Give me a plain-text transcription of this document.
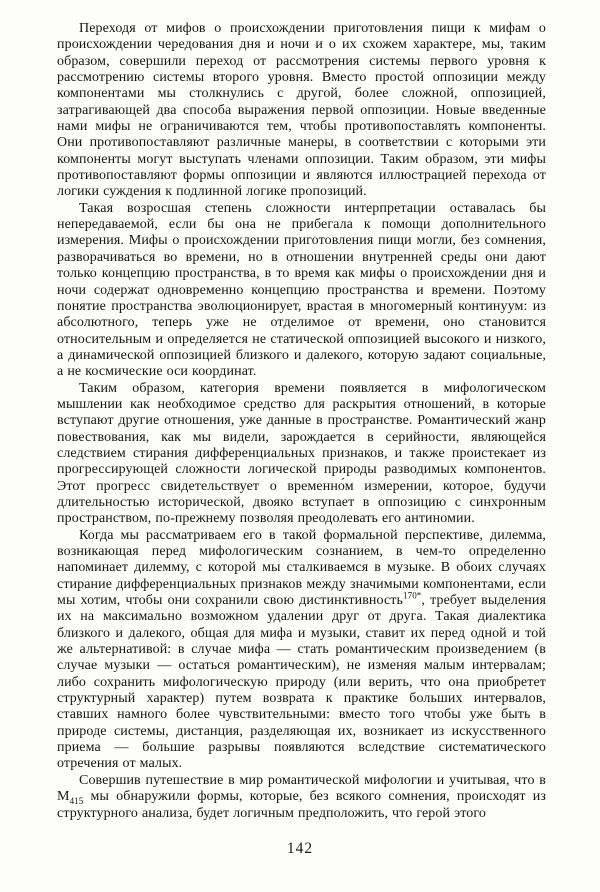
Переходя от мифов о происхождении приготовления пищи к мифам о происхождении чередования дня и ночи и о их схожем характере, мы, таким образом, совершили переход от рассмотрения системы первого уровня к рассмотрению системы второго уровня. Вместо простой оппозиции между компонентами мы столкнулись с другой, более сложной, оппозицией, затрагивающей два способа выражения первой оппозиции. Новые введенные нами мифы не ограничиваются тем, чтобы противопоставлять компоненты. Они противопоставляют различные манеры, в соответствии с которыми эти компоненты могут выступать членами оппозиции. Таким образом, эти мифы противопоставляют формы оппозиции и являются иллюстрацией перехода от логики суждения к подлинной логике пропозиций.

Такая возросшая степень сложности интерпретации оставалась бы непередаваемой, если бы она не прибегала к помощи дополнительного измерения. Мифы о происхождении приготовления пищи могли, без сомнения, разворачиваться во времени, но в отношении внутренней среды они дают только концепцию пространства, в то время как мифы о происхождении дня и ночи содержат одновременно концепцию пространства и времени. Поэтому понятие пространства эволюционирует, врастая в многомерный континуум: из абсолютного, теперь уже не отделимое от времени, оно становится относительным и определяется не статической оппозицией высокого и низкого, а динамической оппозицией близкого и далекого, которую задают социальные, а не космические оси координат.

Таким образом, категория времени появляется в мифологическом мышлении как необходимое средство для раскрытия отношений, в которые вступают другие отношения, уже данные в пространстве. Романтический жанр повествования, как мы видели, зарождается в серийности, являющейся следствием стирания дифференциальных признаков, и также проистекает из прогрессирующей сложности логической природы разводимых компонентов. Этот прогресс свидетельствует о временно́м измерении, которое, будучи длительностью исторической, двояко вступает в оппозицию с синхронным пространством, по-прежнему позволяя преодолевать его антиномии.

Когда мы рассматриваем его в такой формальной перспективе, дилемма, возникающая перед мифологическим сознанием, в чем-то определенно напоминает дилемму, с которой мы сталкиваемся в музыке. В обоих случаях стирание дифференциальных признаков между значимыми компонентами, если мы хотим, чтобы они сохранили свою дистинктивность$^{170*}$, требует выделения их на максимально возможном удалении друг от друга. Такая диалектика близкого и далекого, общая для мифа и музыки, ставит их перед одной и той же альтернативой: в случае мифа — стать романтическим произведением (в случае музыки — остаться романтическим), не изменяя малым интервалам; либо сохранить мифологическую природу (или верить, что она приобретет структурный характер) путем возврата к практике больших интервалов, ставших намного более чувствительными: вместо того чтобы уже быть в природе системы, дистанция, разделяющая их, возникает из искусственного приема — большие разрывы появляются вследствие систематического отречения от малых.

Совершив путешествие в мир романтической мифологии и учитывая, что в $М_{415}$ мы обнаружили формы, которые, без всякого сомнения, происходят из структурного анализа, будет логичным предположить, что герой этого

142
